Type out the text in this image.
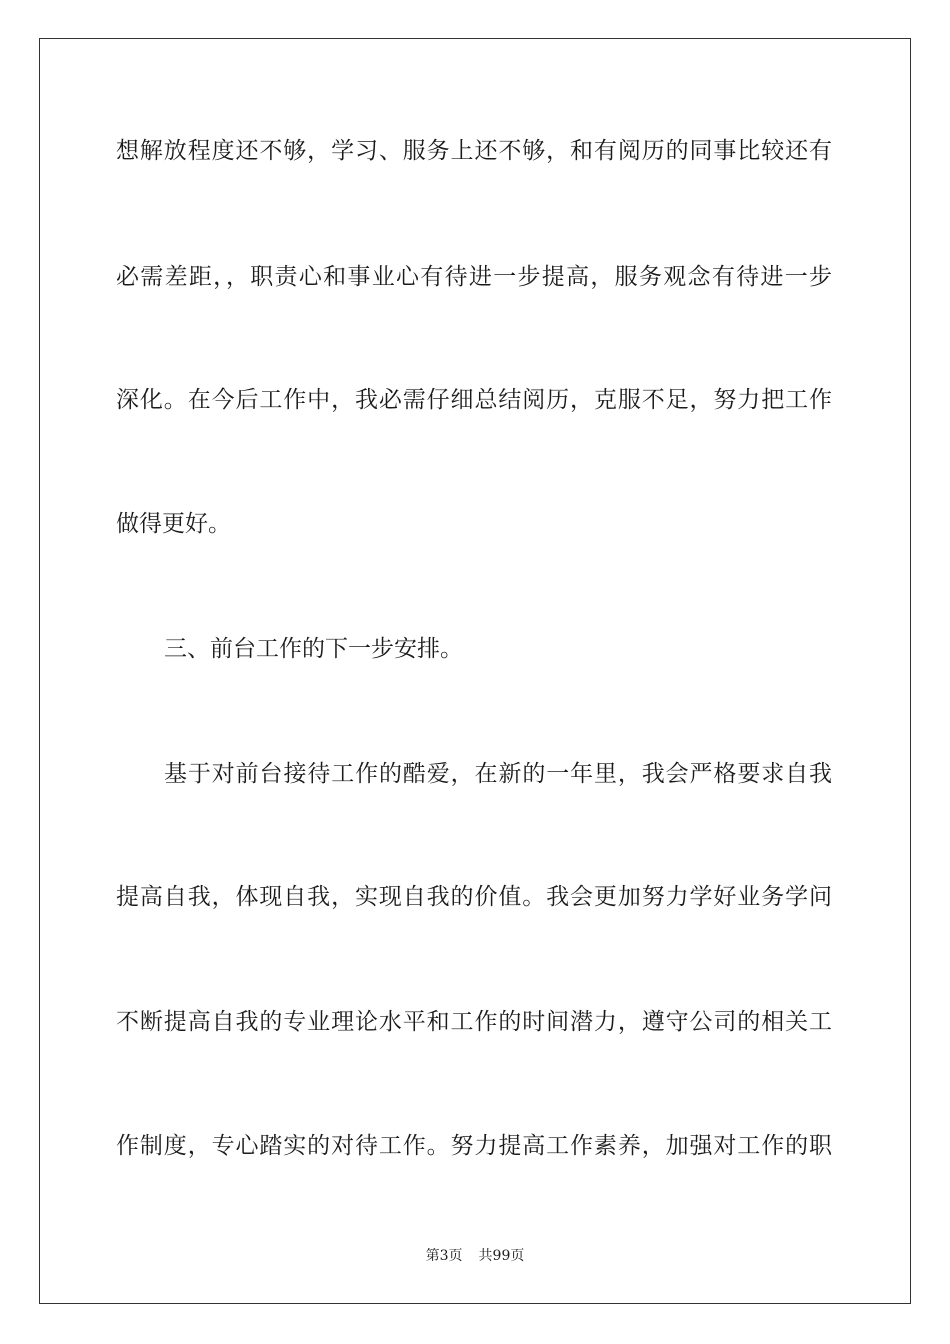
想解放程度还不够，学习、服务上还不够，和有阅历的同事比较还有
必需差距，，职责心和事业心有待进一步提高，服务观念有待进一步
深化。在今后工作中，我必需仔细总结阅历，克服不足，努力把工作
做得更好。
三、前台工作的下一步安排。
基于对前台接待工作的酷爱，在新的一年里，我会严格要求自我
提高自我，体现自我，实现自我的价值。我会更加努力学好业务学问
不断提高自我的专业理论水平和工作的时间潜力，遵守公司的相关工
作制度，专心踏实的对待工作。努力提高工作素养，加强对工作的职
第3页 共99页
